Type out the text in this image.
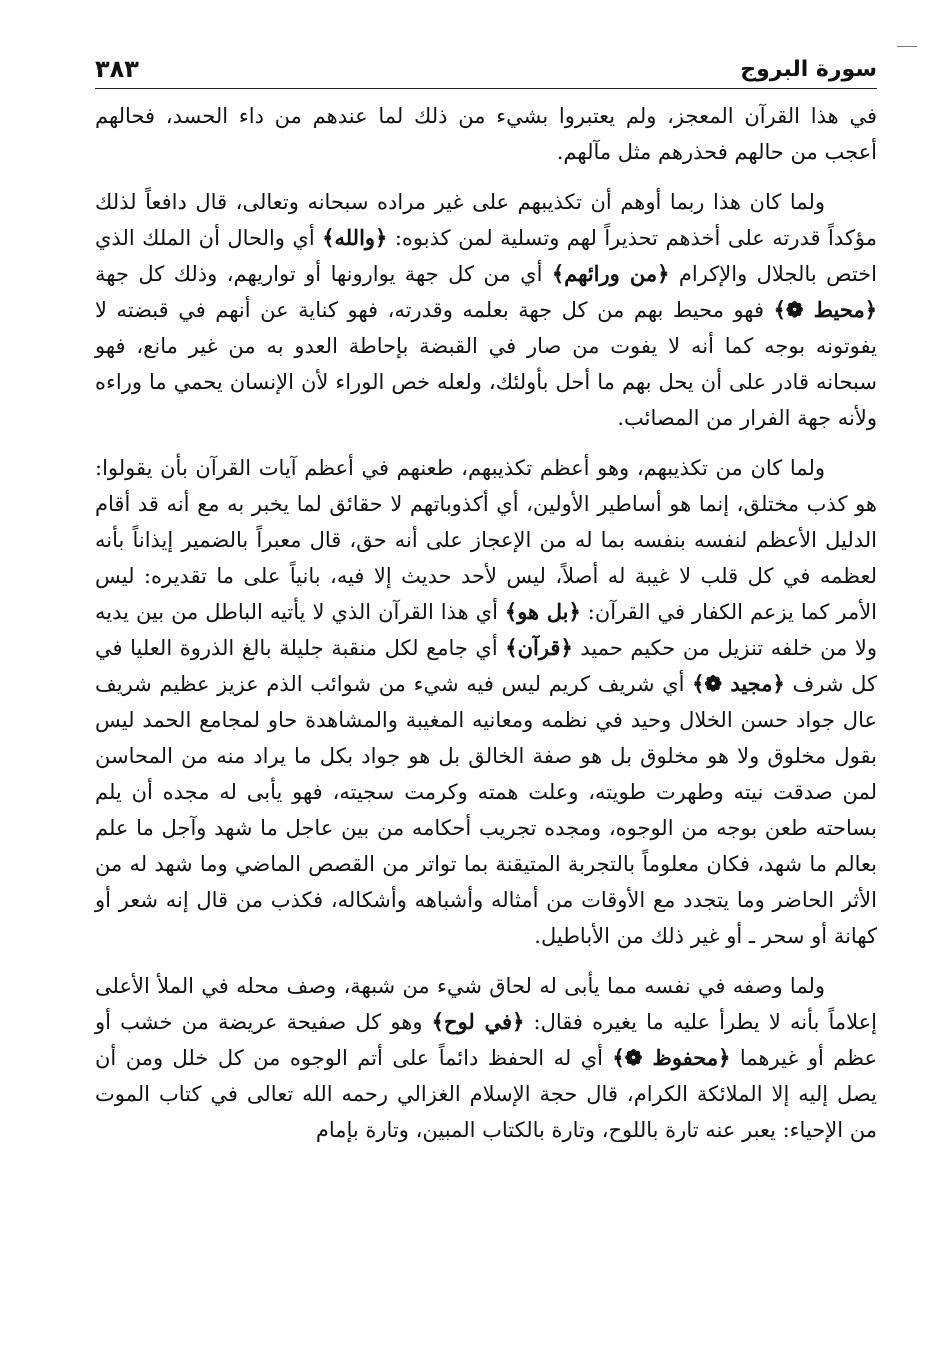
سورة البروج
٣٨٣

في هذا القرآن المعجز، ولم يعتبروا بشيء من ذلك لما عندهم من داء الحسد، فحالهم أعجب من حالهم فحذرهم مثل مآلهم.

ولما كان هذا ربما أوهم أن تكذيبهم على غير مراده سبحانه وتعالى، قال دافعاً لذلك مؤكداً قدرته على أخذهم تحذيراً لهم وتسلية لمن كذبوه: ﴿والله﴾ أي والحال أن الملك الذي اختص بالجلال والإكرام ﴿من ورائهم﴾ أي من كل جهة يوارونها أو تواريهم، وذلك كل جهة ﴿محيط ❁﴾ فهو محيط بهم من كل جهة بعلمه وقدرته، فهو كناية عن أنهم في قبضته لا يفوتونه بوجه كما أنه لا يفوت من صار في القبضة بإحاطة العدو به من غير مانع، فهو سبحانه قادر على أن يحل بهم ما أحل بأولئك، ولعله خص الوراء لأن الإنسان يحمي ما وراءه ولأنه جهة الفرار من المصائب.

ولما كان من تكذيبهم، وهو أعظم تكذيبهم، طعنهم في أعظم آيات القرآن بأن يقولوا: هو كذب مختلق، إنما هو أساطير الأولين، أي أكذوباتهم لا حقائق لما يخبر به مع أنه قد أقام الدليل الأعظم لنفسه بنفسه بما له من الإعجاز على أنه حق، قال معبراً بالضمير إيذاناً بأنه لعظمه في كل قلب لا غيبة له أصلاً، ليس لأحد حديث إلا فيه، بانياً على ما تقديره: ليس الأمر كما يزعم الكفار في القرآن: ﴿بل هو﴾ أي هذا القرآن الذي لا يأتيه الباطل من بين يديه ولا من خلفه تنزيل من حكيم حميد ﴿قرآن﴾ أي جامع لكل منقبة جليلة بالغ الذروة العليا في كل شرف ﴿مجيد ❁﴾ أي شريف كريم ليس فيه شيء من شوائب الذم عزيز عظيم شريف عال جواد حسن الخلال وحيد في نظمه ومعانيه المغيبة والمشاهدة حاو لمجامع الحمد ليس بقول مخلوق ولا هو مخلوق بل هو صفة الخالق بل هو جواد بكل ما يراد منه من المحاسن لمن صدقت نيته وطهرت طويته، وعلت همته وكرمت سجيته، فهو يأبى له مجده أن يلم بساحته طعن بوجه من الوجوه، ومجده تجريب أحكامه من بين عاجل ما شهد وآجل ما علم بعالم ما شهد، فكان معلوماً بالتجربة المتيقنة بما تواتر من القصص الماضي وما شهد له من الأثر الحاضر وما يتجدد مع الأوقات من أمثاله وأشباهه وأشكاله، فكذب من قال إنه شعر أو كهانة أو سحر ـ أو غير ذلك من الأباطيل.

ولما وصفه في نفسه مما يأبى له لحاق شيء من شبهة، وصف محله في الملأ الأعلى إعلاماً بأنه لا يطرأ عليه ما يغيره فقال: ﴿في لوح﴾ وهو كل صفيحة عريضة من خشب أو عظم أو غيرهما ﴿محفوظ ❁﴾ أي له الحفظ دائماً على أتم الوجوه من كل خلل ومن أن يصل إليه إلا الملائكة الكرام، قال حجة الإسلام الغزالي رحمه الله تعالى في كتاب الموت من الإحياء: يعبر عنه تارة باللوح، وتارة بالكتاب المبين، وتارة بإمام
